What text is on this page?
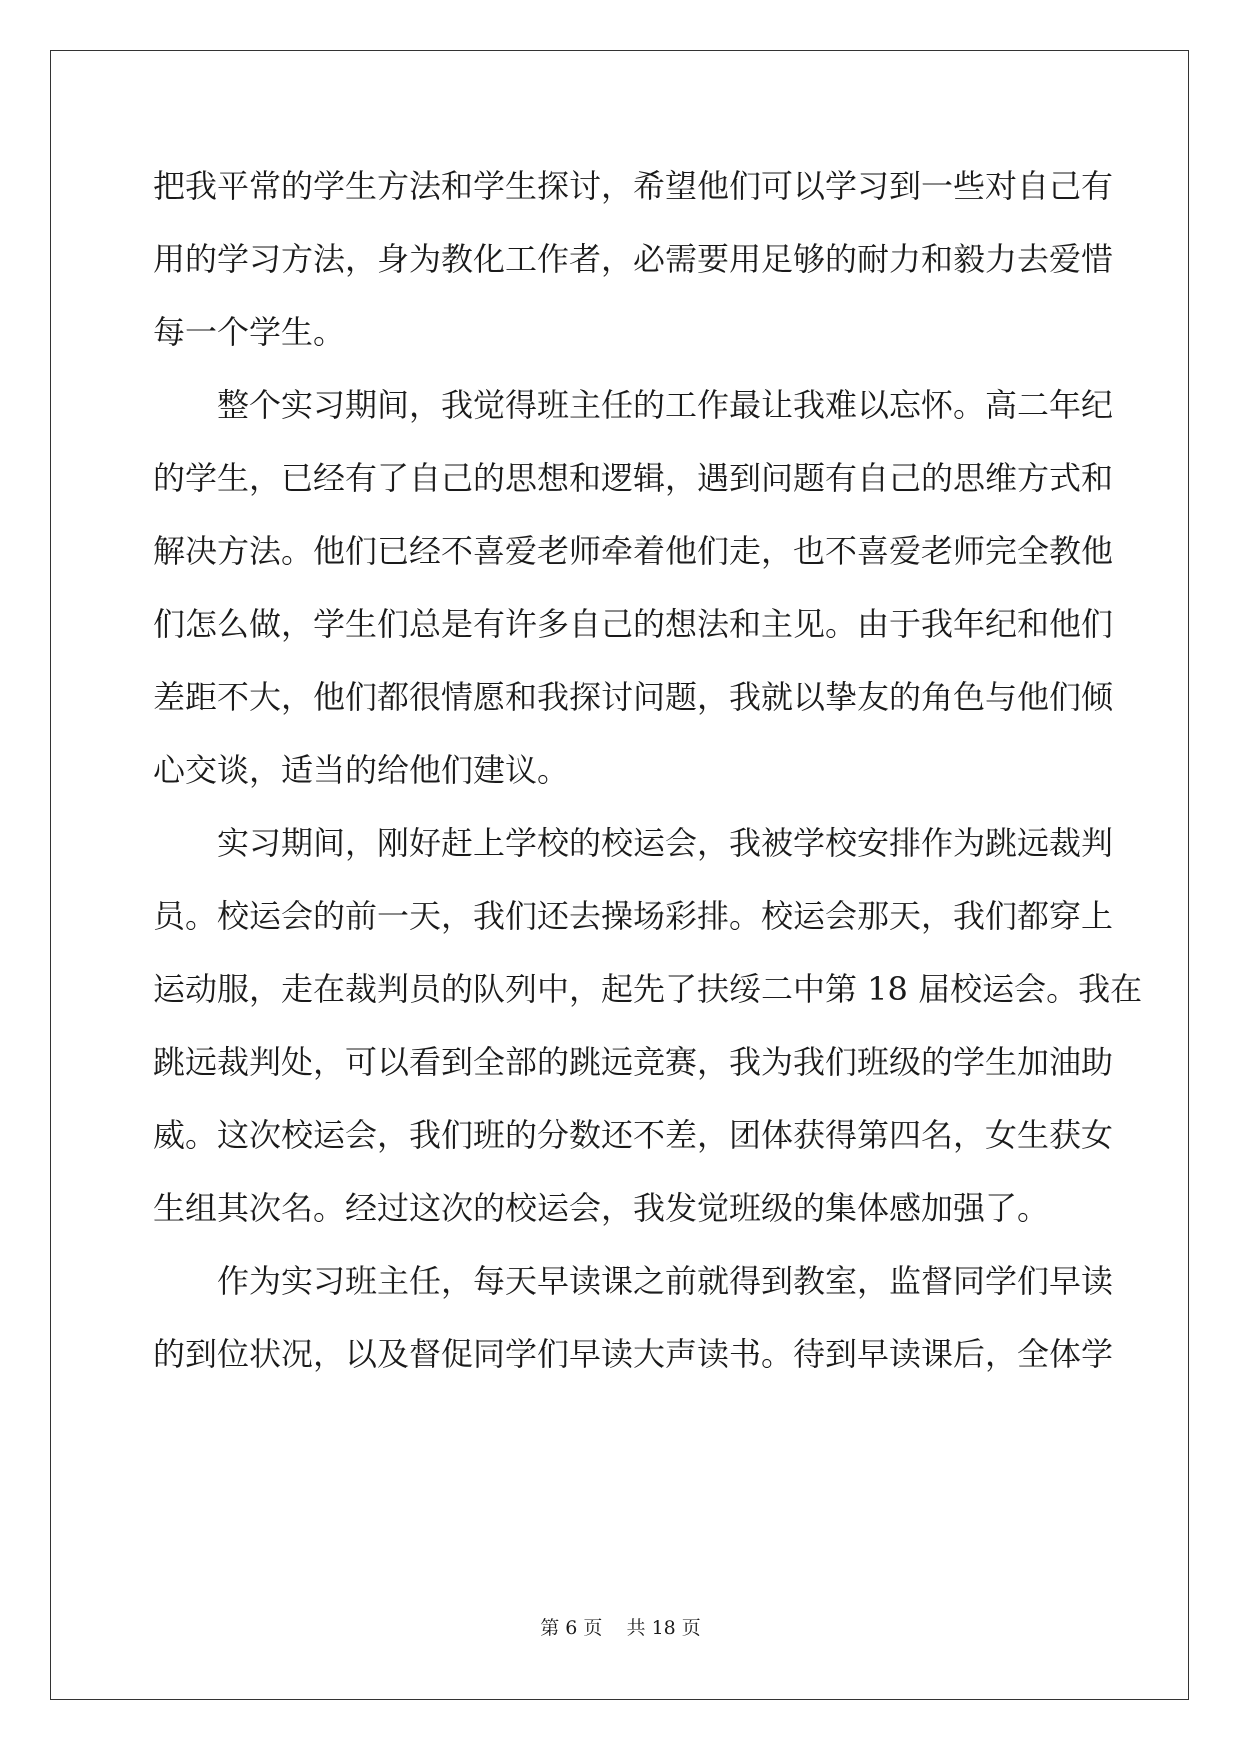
把我平常的学生方法和学生探讨，希望他们可以学习到一些对自己有
用的学习方法，身为教化工作者，必需要用足够的耐力和毅力去爱惜
每一个学生。
　　整个实习期间，我觉得班主任的工作最让我难以忘怀。高二年纪
的学生，已经有了自己的思想和逻辑，遇到问题有自己的思维方式和
解决方法。他们已经不喜爱老师牵着他们走，也不喜爱老师完全教他
们怎么做，学生们总是有许多自己的想法和主见。由于我年纪和他们
差距不大，他们都很情愿和我探讨问题，我就以挚友的角色与他们倾
心交谈，适当的给他们建议。
　　实习期间，刚好赶上学校的校运会，我被学校安排作为跳远裁判
员。校运会的前一天，我们还去操场彩排。校运会那天，我们都穿上
运动服，走在裁判员的队列中，起先了扶绥二中第 18 届校运会。我在
跳远裁判处，可以看到全部的跳远竞赛，我为我们班级的学生加油助
威。这次校运会，我们班的分数还不差，团体获得第四名，女生获女
生组其次名。经过这次的校运会，我发觉班级的集体感加强了。
　　作为实习班主任，每天早读课之前就得到教室，监督同学们早读
的到位状况，以及督促同学们早读大声读书。待到早读课后，全体学
第 6 页 共 18 页
